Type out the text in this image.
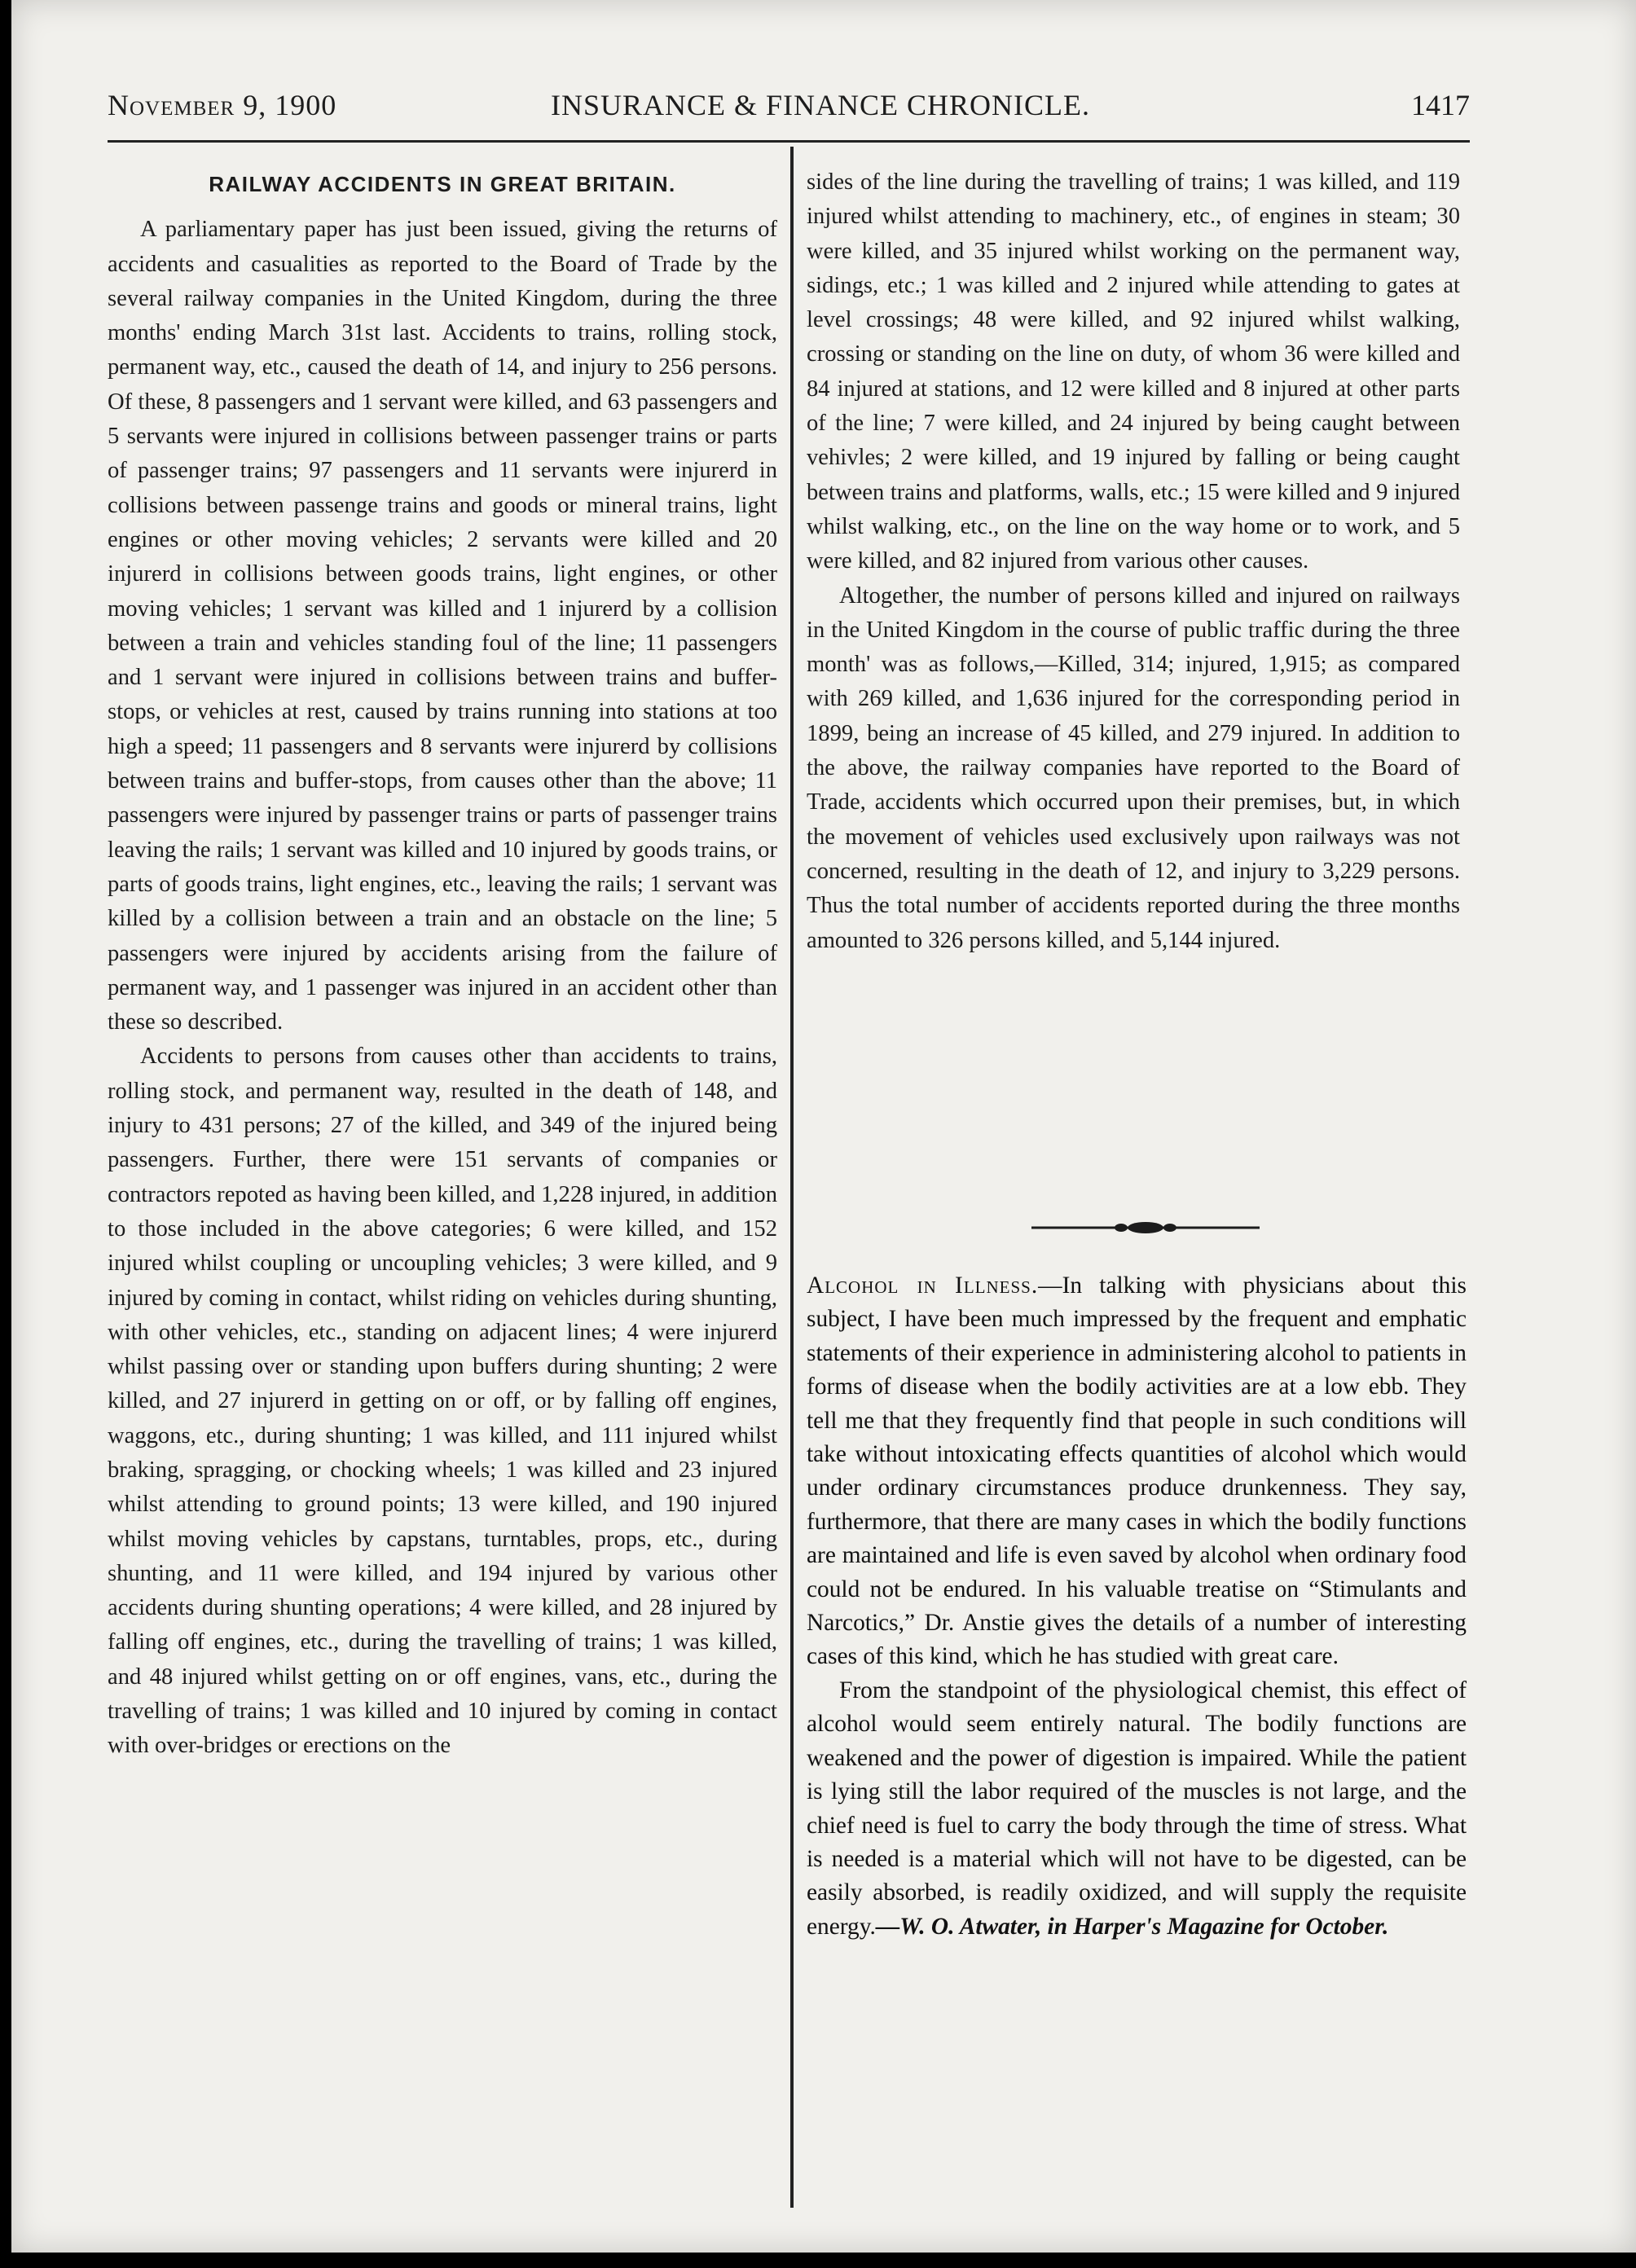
November 9, 1900	INSURANCE & FINANCE CHRONICLE.	1417
RAILWAY ACCIDENTS IN GREAT BRITAIN.

A parliamentary paper has just been issued, giving the returns of accidents and casualities as reported to the Board of Trade by the several railway companies in the United Kingdom, during the three months' ending March 31st last. Accidents to trains, rolling stock, permanent way, etc., caused the death of 14, and injury to 256 persons. Of these, 8 passengers and 1 servant were killed, and 63 passengers and 5 servants were injured in collisions between passenger trains or parts of passenger trains; 97 passengers and 11 servants were injurerd in collisions between passenge trains and goods or mineral trains, light engines or other moving vehicles; 2 servants were killed and 20 injurerd in collisions between goods trains, light engines, or other moving vehicles; 1 servant was killed and 1 injurerd by a collision between a train and vehicles standing foul of the line; 11 passengers and 1 servant were injured in collisions between trains and buffer-stops, or vehicles at rest, caused by trains running into stations at too high a speed; 11 passengers and 8 servants were injurerd by collisions between trains and buffer-stops, from causes other than the above; 11 passengers were injured by passenger trains or parts of passenger trains leaving the rails; 1 servant was killed and 10 injured by goods trains, or parts of goods trains, light engines, etc., leaving the rails; 1 servant was killed by a collision between a train and an obstacle on the line; 5 passengers were injured by accidents arising from the failure of permanent way, and 1 passenger was injured in an accident other than these so described.

Accidents to persons from causes other than accidents to trains, rolling stock, and permanent way, resulted in the death of 148, and injury to 431 persons; 27 of the killed, and 349 of the injured being passengers. Further, there were 151 servants of companies or contractors repoted as having been killed, and 1,228 injured, in addition to those included in the above categories; 6 were killed, and 152 injured whilst coupling or uncoupling vehicles; 3 were killed, and 9 injured by coming in contact, whilst riding on vehicles during shunting, with other vehicles, etc., standing on adjacent lines; 4 were injurerd whilst passing over or standing upon buffers during shunting; 2 were killed, and 27 injurerd in getting on or off, or by falling off engines, waggons, etc., during shunting; 1 was killed, and 111 injured whilst braking, spragging, or chocking wheels; 1 was killed and 23 injured whilst attending to ground points; 13 were killed, and 190 injured whilst moving vehicles by capstans, turntables, props, etc., during shunting, and 11 were killed, and 194 injured by various other accidents during shunting operations; 4 were killed, and 28 injured by falling off engines, etc., during the travelling of trains; 1 was killed, and 48 injured whilst getting on or off engines, vans, etc., during the travelling of trains; 1 was killed and 10 injured by coming in contact with over-bridges or erections on the

sides of the line during the travelling of trains; 1 was killed, and 119 injured whilst attending to machinery, etc., of engines in steam; 30 were killed, and 35 injured whilst working on the permanent way, sidings, etc.; 1 was killed and 2 injured while attending to gates at level crossings; 48 were killed, and 92 injured whilst walking, crossing or standing on the line on duty, of whom 36 were killed and 84 injured at stations, and 12 were killed and 8 injured at other parts of the line; 7 were killed, and 24 injured by being caught between vehivles; 2 were killed, and 19 injured by falling or being caught between trains and platforms, walls, etc.; 15 were killed and 9 injured whilst walking, etc., on the line on the way home or to work, and 5 were killed, and 82 injured from various other causes.

Altogether, the number of persons killed and injured on railways in the United Kingdom in the course of public traffic during the three month' was as follows,—Killed, 314; injured, 1,915; as compared with 269 killed, and 1,636 injured for the corresponding period in 1899, being an increase of 45 killed, and 279 injured. In addition to the above, the railway companies have reported to the Board of Trade, accidents which occurred upon their premises, but, in which the movement of vehicles used exclusively upon railways was not concerned, resulting in the death of 12, and injury to 3,229 persons. Thus the total number of accidents reported during the three months amounted to 326 persons killed, and 5,144 injured.

Alcohol in Illness.—In talking with physicians about this subject, I have been much impressed by the frequent and emphatic statements of their experience in administering alcohol to patients in forms of disease when the bodily activities are at a low ebb. They tell me that they frequently find that people in such conditions will take without intoxicating effects quantities of alcohol which would under ordinary circumstances produce drunkenness. They say, furthermore, that there are many cases in which the bodily functions are maintained and life is even saved by alcohol when ordinary food could not be endured. In his valuable treatise on “Stimulants and Narcotics,” Dr. Anstie gives the details of a number of interesting cases of this kind, which he has studied with great care.

From the standpoint of the physiological chemist, this effect of alcohol would seem entirely natural. The bodily functions are weakened and the power of digestion is impaired. While the patient is lying still the labor required of the muscles is not large, and the chief need is fuel to carry the body through the time of stress. What is needed is a material which will not have to be digested, can be easily absorbed, is readily oxidized, and will supply the requisite energy.—W. O. Atwater, in Harper's Magazine for October.
